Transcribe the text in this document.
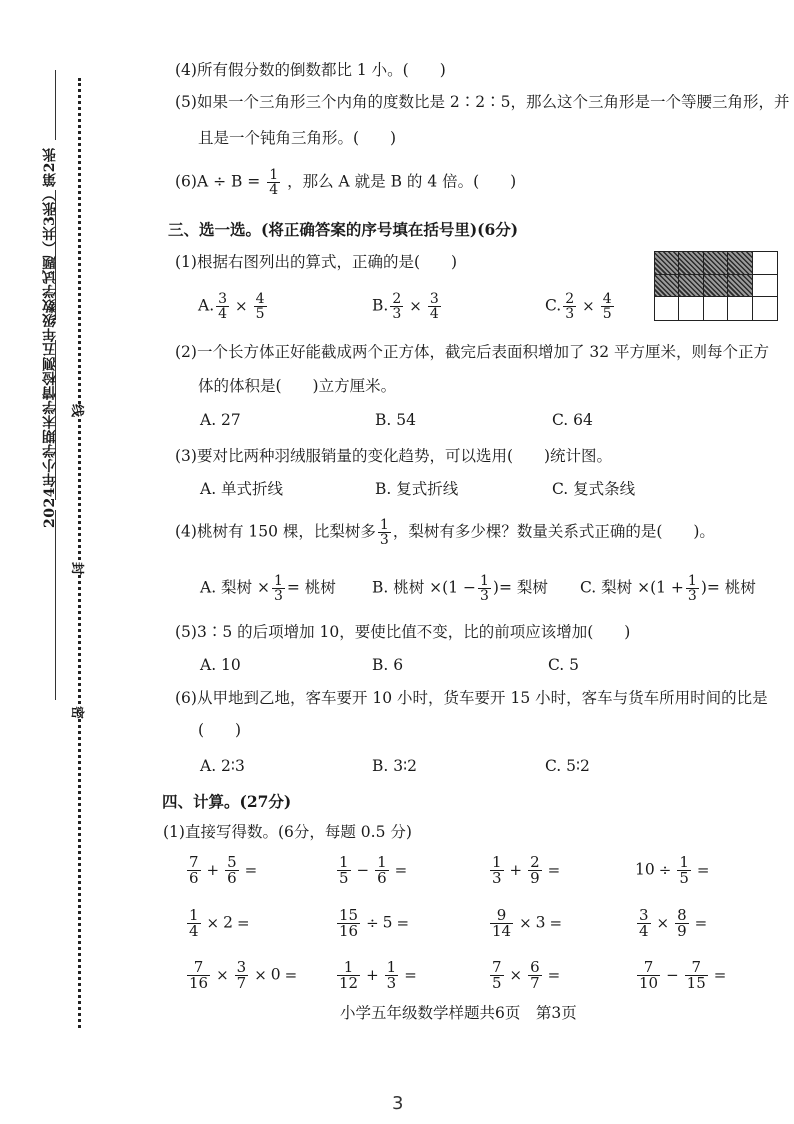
2024年小学期末学情检测五年级数学试题（共3张）第2张 线
封
密
(4)所有假分数的倒数都比 1 小。(　　)
(5)如果一个三角形三个内角的度数比是 2∶2∶5，那么这个三角形是一个等腰三角形，并
且是一个钝角三角形。(　　)
$(6)A \div B = \frac{1}{4}$ ，那么 A 就是 B 的 4 倍。(　　)
三、选一选。(将正确答案的序号填在括号里)(6分)
(1)根据右图列出的算式，正确的是(　　)
A. $\frac{3}{4} \times \frac{4}{5}$	B. $\frac{2}{3} \times \frac{3}{4}$	C. $\frac{2}{3} \times \frac{4}{5}$
(2)一个长方体正好能截成两个正方体，截完后表面积增加了 32 平方厘米，则每个正方
体的体积是(　　)立方厘米。
A. 27	B. 54	C. 64
(3)要对比两种羽绒服销量的变化趋势，可以选用(　　)统计图。
A. 单式折线	B. 复式折线	C. 复式条线
(4)桃树有 150 棵，比梨树多 $\frac{1}{3}$ ，梨树有多少棵？数量关系式正确的是(　　)。
A. 梨树 × $\frac{1}{3}$ = 桃树 B. 桃树 $\times(1 - \frac{1}{3}$ )= 梨树 C. 梨树 $\times(1 + \frac{1}{3}$ )= 桃树
(5)3∶5 的后项增加 10，要使比值不变，比的前项应该增加(　　)
A. 10	B. 6	C. 5
(6)从甲地到乙地，客车要开 10 小时，货车要开 15 小时，客车与货车所用时间的比是
(　　)
A. 2∶3	B. 3∶2	C. 5∶2
四、计算。(27分)
(1)直接写得数。(6分，每题 0.5 分)
$\frac{7}{6} + \frac{5}{6}$ =	$\frac{1}{5} - \frac{1}{6}$ =	$\frac{1}{3} + \frac{2}{9}$ =	$10 \div \frac{1}{5}$ =
$\frac{1}{4} \times 2$ =	$\frac{15}{16} \div 5$ =	$\frac{9}{14} \times 3$ =	$\frac{3}{4} \times \frac{8}{9}$ =
$\frac{7}{16} \times \frac{3}{7} \times 0$ =	$\frac{1}{12} + \frac{1}{3}$ =	$\frac{7}{5} \times \frac{6}{7}$ =	$\frac{7}{10} - \frac{7}{15}$ =
小学五年级数学样题共6页　第3页
3
